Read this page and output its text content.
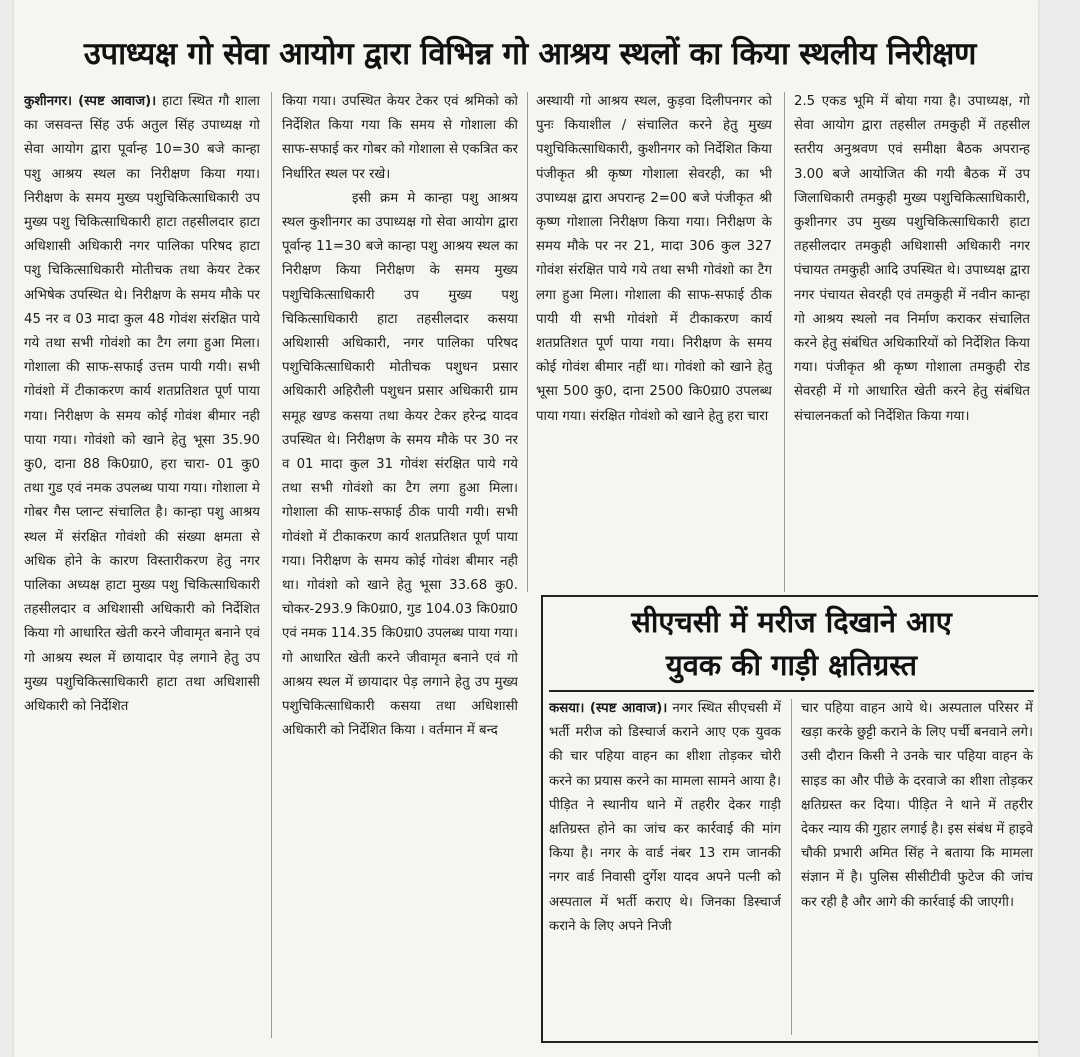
उपाध्यक्ष गो सेवा आयोग द्वारा विभिन्न गो आश्रय स्थलों का किया स्थलीय निरीक्षण

कुशीनगर। (स्पष्ट आवाज)। हाटा स्थित गौ शाला का जसवन्त सिंह उर्फ अतुल सिंह उपाध्यक्ष गो सेवा आयोग द्वारा पूर्वान्ह 10=30 बजे कान्हा पशु आश्रय स्थल का निरीक्षण किया गया। निरीक्षण के समय मुख्य पशुचिकित्साधिकारी उप मुख्य पशु चिकित्साधिकारी हाटा तहसीलदार हाटा अधिशासी अधिकारी नगर पालिका परिषद हाटा पशु चिकित्साधिकारी मोतीचक तथा केयर टेकर अभिषेक उपस्थित थे। निरीक्षण के समय मौके पर 45 नर व 03 मादा कुल 48 गोवंश संरक्षित पाये गये तथा सभी गोवंशो का टैग लगा हुआ मिला। गोशाला की साफ-सफाई उत्तम पायी गयी। सभी गोवंशो में टीकाकरण कार्य शतप्रतिशत पूर्ण पाया गया। निरीक्षण के समय कोई गोवंश बीमार नही पाया गया। गोवंशो को खाने हेतु भूसा 35.90 कु0, दाना 88 कि0ग्रा0, हरा चारा- 01 कु0 तथा गुड एवं नमक उपलब्ध पाया गया। गोशाला मे गोबर गैस प्लान्ट संचालित है। कान्हा पशु आश्रय स्थल में संरक्षित गोवंशो की संख्या क्षमता से अधिक होने के कारण विस्तारीकरण हेतु नगर पालिका अध्यक्ष हाटा मुख्य पशु चिकित्साधिकारी तहसीलदार व अधिशासी अधिकारी को निर्देशित किया गो आधारित खेती करने जीवामृत बनाने एवं गो आश्रय स्थल में छायादार पेड़ लगाने हेतु उप मुख्य पशुचिकित्साधिकारी हाटा तथा अधिशासी अधिकारी को निर्देशित

किया गया। उपस्थित केयर टेकर एवं श्रमिको को निर्देशित किया गया कि समय से गोशाला की साफ-सफाई कर गोबर को गोशाला से एकत्रित कर निर्धारित स्थल पर रखे।

इसी क्रम मे कान्हा पशु आश्रय स्थल कुशीनगर का उपाध्यक्ष गो सेवा आयोग द्वारा पूर्वान्ह 11=30 बजे कान्हा पशु आश्रय स्थल का निरीक्षण किया निरीक्षण के समय मुख्य पशुचिकित्साधिकारी उप मुख्य पशु चिकित्साधिकारी हाटा तहसीलदार कसया अधिशासी अधिकारी, नगर पालिका परिषद पशुचिकित्साधिकारी मोतीचक पशुधन प्रसार अधिकारी अहिरौली पशुधन प्रसार अधिकारी ग्राम समूह खण्ड कसया तथा केयर टेकर हरेन्द्र यादव उपस्थित थे। निरीक्षण के समय मौके पर 30 नर व 01 मादा कुल 31 गोवंश संरक्षित पाये गये तथा सभी गोवंशो का टैग लगा हुआ मिला। गोशाला की साफ-सफाई ठीक पायी गयी। सभी गोवंशो में टीकाकरण कार्य शतप्रतिशत पूर्ण पाया गया। निरीक्षण के समय कोई गोवंश बीमार नही था। गोवंशो को खाने हेतु भूसा 33.68 कु0. चोकर-293.9 कि0ग्रा0, गुड 104.03 कि0ग्रा0 एवं नमक 114.35 कि0ग्रा0 उपलब्ध पाया गया। गो आधारित खेती करने जीवामृत बनाने एवं गो आश्रय स्थल में छायादार पेड़ लगाने हेतु उप मुख्य पशुचिकित्साधिकारी कसया तथा अधिशासी अधिकारी को निर्देशित किया । वर्तमान में बन्द

अस्थायी गो आश्रय स्थल, कुड़वा दिलीपनगर को पुनः कियाशील / संचालित करने हेतु मुख्य पशुचिकित्साधिकारी, कुशीनगर को निर्देशित किया पंजीकृत श्री कृष्ण गोशाला सेवरही, का भी उपाध्यक्ष द्वारा अपरान्ह 2=00 बजे पंजीकृत श्री कृष्ण गोशाला निरीक्षण किया गया। निरीक्षण के समय मौके पर नर 21, मादा 306 कुल 327 गोवंश संरक्षित पाये गये तथा सभी गोवंशो का टैग लगा हुआ मिला। गोशाला की साफ-सफाई ठीक पायी यी सभी गोवंशो में टीकाकरण कार्य शतप्रतिशत पूर्ण पाया गया। निरीक्षण के समय कोई गोवंश बीमार नहीं था। गोवंशो को खाने हेतु भूसा 500 कु0, दाना 2500 कि0ग्रा0 उपलब्ध पाया गया। संरक्षित गोवंशो को खाने हेतु हरा चारा

2.5 एकड भूमि में बोया गया है। उपाध्यक्ष, गो सेवा आयोग द्वारा तहसील तमकुही में तहसील स्तरीय अनुश्रवण एवं समीक्षा बैठक अपरान्ह 3.00 बजे आयोजित की गयी बैठक में उप जिलाधिकारी तमकुही मुख्य पशुचिकित्साधिकारी, कुशीनगर उप मुख्य पशुचिकित्साधिकारी हाटा तहसीलदार तमकुही अधिशासी अधिकारी नगर पंचायत तमकुही आदि उपस्थित थे। उपाध्यक्ष द्वारा नगर पंचायत सेवरही एवं तमकुही में नवीन कान्हा गो आश्रय स्थलो नव निर्माण कराकर संचालित करने हेतु संबंधित अधिकारियों को निर्देशित किया गया। पंजीकृत श्री कृष्ण गोशाला तमकुही रोड सेवरही में गो आधारित खेती करने हेतु संबंधित संचालनकर्ता को निर्देशित किया गया।

सीएचसी में मरीज दिखाने आए
युवक की गाड़ी क्षतिग्रस्त

कसया। (स्पष्ट आवाज)। नगर स्थित सीएचसी में भर्ती मरीज को डिस्चार्ज कराने आए एक युवक की चार पहिया वाहन का शीशा तोड़कर चोरी करने का प्रयास करने का मामला सामने आया है। पीड़ित ने स्थानीय थाने में तहरीर देकर गाड़ी क्षतिग्रस्त होने का जांच कर कार्रवाई की मांग किया है। नगर के वार्ड नंबर 13 राम जानकी नगर वार्ड निवासी दुर्गेश यादव अपने पत्नी को अस्पताल में भर्ती कराए थे। जिनका डिस्चार्ज कराने के लिए अपने निजी

चार पहिया वाहन आये थे। अस्पताल परिसर में खड़ा करके छुट्टी कराने के लिए पर्ची बनवाने लगे। उसी दौरान किसी ने उनके चार पहिया वाहन के साइड का और पीछे के दरवाजे का शीशा तोड़कर क्षतिग्रस्त कर दिया। पीड़ित ने थाने में तहरीर देकर न्याय की गुहार लगाई है। इस संबंध में हाइवे चौकी प्रभारी अमित सिंह ने बताया कि मामला संज्ञान में है। पुलिस सीसीटीवी फुटेज की जांच कर रही है और आगे की कार्रवाई की जाएगी।
